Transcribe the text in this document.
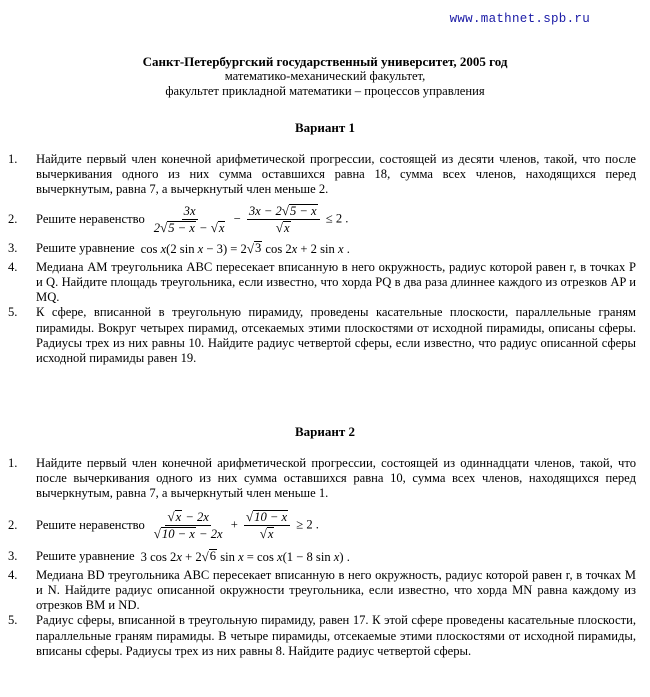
www.mathnet.spb.ru
Санкт-Петербургский государственный университет, 2005 год
математико-механический факультет,
факультет прикладной математики – процессов управления
Вариант 1
1. Найдите первый член конечной арифметической прогрессии, состоящей из десяти членов, такой, что после вычеркивания одного из них сумма оставшихся равна 18, сумма всех членов, находящихся перед вычеркнутым, равна 7, а вычеркнутый член меньше 2.
2. Решите неравенство $\frac{3x}{2 √ 5 - x - √ x} - \frac{3x - 2 √ 5 - x}{√ x} \le 2$ .
3. Решите уравнение cos x(2 sin x − 3) = 2 √ 3 cos 2x + 2 sin x .
4. Медиана AM треугольника ABC пересекает вписанную в него окружность, радиус которой равен r, в точках P и Q. Найдите площадь треугольника, если известно, что хорда PQ в два раза длиннее каждого из отрезков AP и MQ.
5. К сфере, вписанной в треугольную пирамиду, проведены касательные плоскости, параллельные граням пирамиды. Вокруг четырех пирамид, отсекаемых этими плоскостями от исходной пирамиды, описаны сферы. Радиусы трех из них равны 10. Найдите радиус четвертой сферы, если известно, что радиус описанной сферы исходной пирамиды равен 19.
Вариант 2
1. Найдите первый член конечной арифметической прогрессии, состоящей из одиннадцати членов, такой, что после вычеркивания одного из них сумма оставшихся равна 10, сумма всех членов, находящихся перед вычеркнутым, равна 7, а вычеркнутый член меньше 1.
2. Решите неравенство $\frac{√ x - 2x}{√ 10 - x - 2x} + \frac{√ 10 - x}{√ x} \ge 2$ .
3. Решите уравнение 3 cos 2x + 2 √ 6 sin x = cos x(1 − 8 sin x) .
4. Медиана BD треугольника ABC пересекает вписанную в него окружность, радиус которой равен r, в точках M и N. Найдите радиус описанной окружности треугольника, если известно, что хорда MN равна каждому из отрезков BM и ND.
5. Радиус сферы, вписанной в треугольную пирамиду, равен 17. К этой сфере проведены касательные плоскости, параллельные граням пирамиды. В четыре пирамиды, отсекаемые этими плоскостями от исходной пирамиды, вписаны сферы. Радиусы трех из них равны 8. Найдите радиус четвертой сферы.
